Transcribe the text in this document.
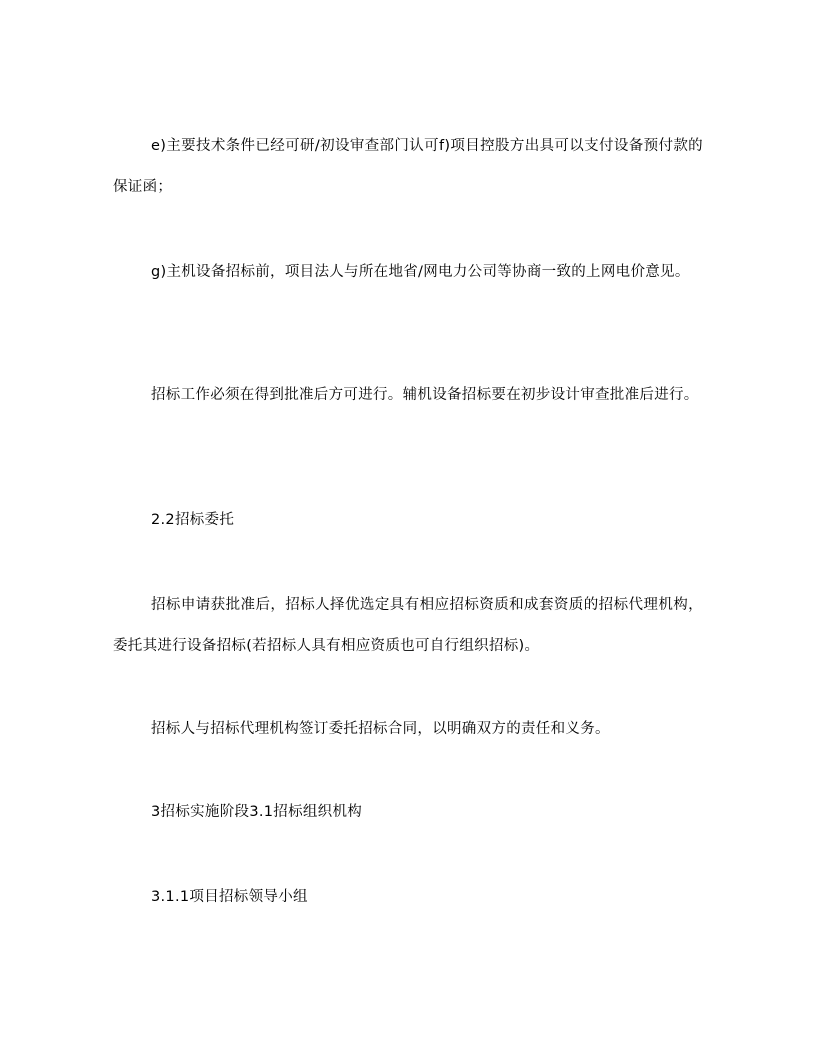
e)主要技术条件已经可研/初设审查部门认可f)项目控股方出具可以支付设备预付款的保证函；

g)主机设备招标前，项目法人与所在地省/网电力公司等协商一致的上网电价意见。

招标工作必须在得到批准后方可进行。辅机设备招标要在初步设计审查批准后进行。

2.2招标委托

招标申请获批准后，招标人择优选定具有相应招标资质和成套资质的招标代理机构，委托其进行设备招标(若招标人具有相应资质也可自行组织招标)。

招标人与招标代理机构签订委托招标合同，以明确双方的责任和义务。

3招标实施阶段3.1招标组织机构

3.1.1项目招标领导小组
